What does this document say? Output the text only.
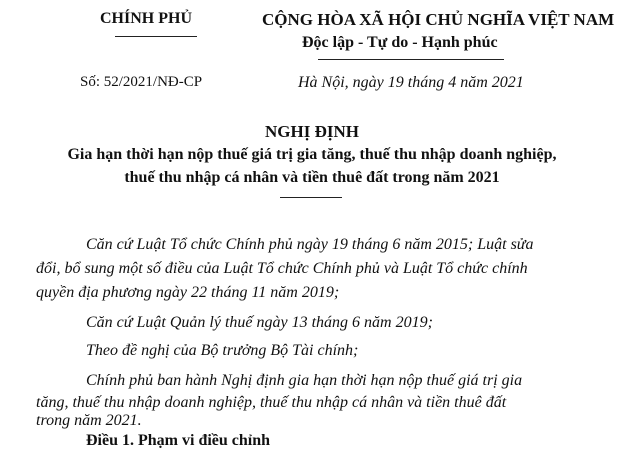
CHÍNH PHỦ
Số: 52/2021/NĐ-CP
CỘNG HÒA XÃ HỘI CHỦ NGHĨA VIỆT NAM
Độc lập - Tự do - Hạnh phúc
Hà Nội, ngày 19 tháng 4 năm 2021
NGHỊ ĐỊNH
Gia hạn thời hạn nộp thuế giá trị gia tăng, thuế thu nhập doanh nghiệp,
thuế thu nhập cá nhân và tiền thuê đất trong năm 2021
Căn cứ Luật Tổ chức Chính phủ ngày 19 tháng 6 năm 2015; Luật sửa
đổi, bổ sung một số điều của Luật Tổ chức Chính phủ và Luật Tổ chức chính
quyền địa phương ngày 22 tháng 11 năm 2019;
Căn cứ Luật Quản lý thuế ngày 13 tháng 6 năm 2019;
Theo đề nghị của Bộ trưởng Bộ Tài chính;
Chính phủ ban hành Nghị định gia hạn thời hạn nộp thuế giá trị gia
tăng, thuế thu nhập doanh nghiệp, thuế thu nhập cá nhân và tiền thuê đất
trong năm 2021.
Điều 1. Phạm vi điều chỉnh
